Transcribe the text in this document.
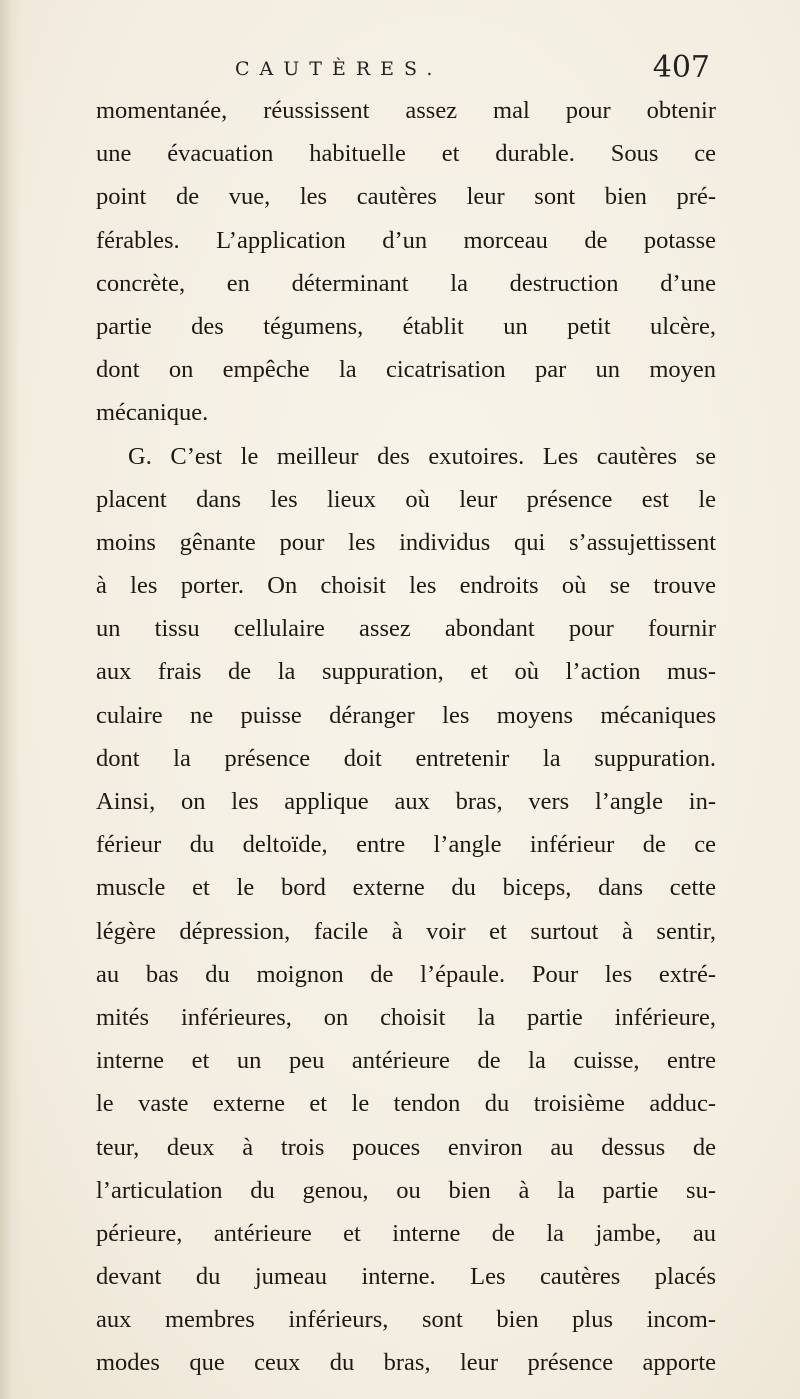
CAUTÈRES.	407
momentanée, réussissent assez mal pour obtenir
une évacuation habituelle et durable. Sous ce
point de vue, les cautères leur sont bien pré-
férables. L’application d’un morceau de potasse
concrète, en déterminant la destruction d’une
partie des tégumens, établit un petit ulcère,
dont on empêche la cicatrisation par un moyen
mécanique.
G. C’est le meilleur des exutoires. Les cautères se
placent dans les lieux où leur présence est le
moins gênante pour les individus qui s’assujettissent
à les porter. On choisit les endroits où se trouve
un tissu cellulaire assez abondant pour fournir
aux frais de la suppuration, et où l’action mus-
culaire ne puisse déranger les moyens mécaniques
dont la présence doit entretenir la suppuration.
Ainsi, on les applique aux bras, vers l’angle in-
férieur du deltoïde, entre l’angle inférieur de ce
muscle et le bord externe du biceps, dans cette
légère dépression, facile à voir et surtout à sentir,
au bas du moignon de l’épaule. Pour les extré-
mités inférieures, on choisit la partie inférieure,
interne et un peu antérieure de la cuisse, entre
le vaste externe et le tendon du troisième adduc-
teur, deux à trois pouces environ au dessus de
l’articulation du genou, ou bien à la partie su-
périeure, antérieure et interne de la jambe, au
devant du jumeau interne. Les cautères placés
aux membres inférieurs, sont bien plus incom-
modes que ceux du bras, leur présence apporte
